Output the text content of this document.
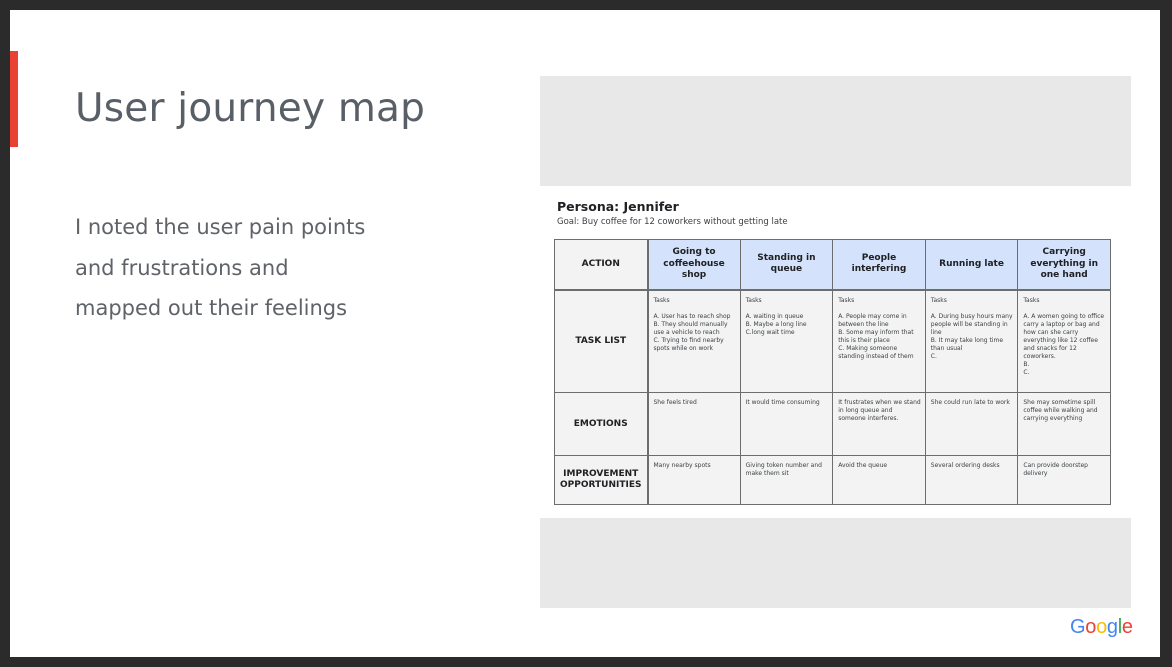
User journey map

I noted the user pain points

and frustrations and

mapped out their feelings

Persona: Jennifer
Goal: Buy coffee for 12 coworkers without getting late
ACTION	Going to coffeehouse shop	Standing in queue	People interfering	Running late	Carrying everything in one hand
TASK LIST	Tasks
A. User has to reach shop
B. They should manually use a vehicle to reach
C. Trying to find nearby spots while on work	Tasks
A. waiting in queue
B. Maybe a long line
C.long wait time	Tasks
A. People may come in between the line
B. Some may inform that this is their place
C. Making someone standing instead of them	Tasks
A. During busy hours many people will be standing in line
B. It may take long time than usual
C.	Tasks
A. A women going to office carry a laptop or bag and how can she carry everything like 12 coffee and snacks for 12 coworkers.
B.
C.

EMOTIONS	She feels tired	It would time consuming	It frustrates when we stand in long queue and someone interferes.	She could run late to work	She may sometime spill coffee while walking and carrying everything
IMPROVEMENT OPPORTUNITIES	Many nearby spots	Giving token number and make them sit	Avoid the queue	Several ordering desks	Can provide doorstep delivery
Google
